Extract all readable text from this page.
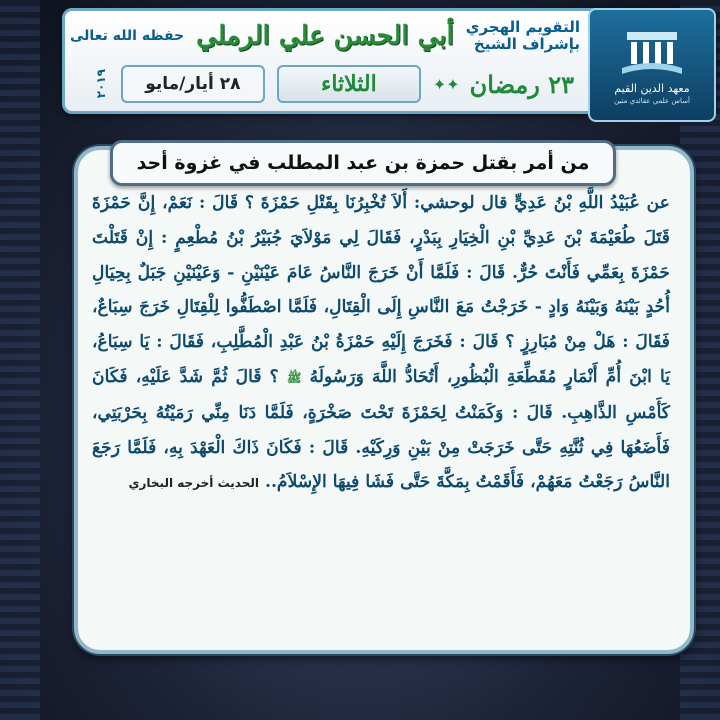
معهد الدين القيم
أساس علمي عقائدي متين
التقويم الهجري
بإشراف الشيخ
أبي الحسن علي الرملي
حفظه الله تعالى
٢٣ رمضان
✦✦
الثلاثاء
٢٨ أيار/مايو
٢٠١٩
من أمر بقتل حمزة بن عبد المطلب في غزوة أحد
عن عُبَيْدُ اللَّهِ بْنُ عَدِيٍّ قال لوحشي: أَلاَ تُخْبِرُنَا بِقَتْلِ حَمْزَةَ ؟ قَالَ : نَعَمْ، إِنَّ حَمْزَةَ قَتَلَ طُعَيْمَةَ بْنَ عَدِيِّ بْنِ الْخِيَارِ بِبَدْرٍ، فَقَالَ لِي مَوْلاَيَ جُبَيْرُ بْنُ مُطْعِمٍ : إِنْ قَتَلْتَ حَمْزَةَ بِعَمِّي فَأَنْتَ حُرٌّ. قَالَ : فَلَمَّا أَنْ خَرَجَ النَّاسُ عَامَ عَيْنَيْنِ - وَعَيْنَيْنِ جَبَلٌ بِحِيَالِ أُحُدٍ بَيْنَهُ وَبَيْنَهُ وَادٍ - خَرَجْتُ مَعَ النَّاسِ إِلَى الْقِتَالِ، فَلَمَّا اصْطَفُّوا لِلْقِتَالِ خَرَجَ سِبَاعٌ، فَقَالَ : هَلْ مِنْ مُبَارِزٍ ؟ قَالَ : فَخَرَجَ إِلَيْهِ حَمْزَةُ بْنُ عَبْدِ الْمُطَّلِبِ، فَقَالَ : يَا سِبَاعُ، يَا ابْنَ أُمِّ أَنْمَارٍ مُقَطِّعَةِ الْبُظُورِ، أَتُحَادُّ اللَّهَ وَرَسُولَهُ ﷺ ؟ قَالَ ثُمَّ شَدَّ عَلَيْهِ، فَكَانَ كَأَمْسِ الذَّاهِبِ. قَالَ : وَكَمَنْتُ لِحَمْزَةَ تَحْتَ صَخْرَةٍ، فَلَمَّا دَنَا مِنِّي رَمَيْتُهُ بِحَرْبَتِي، فَأَضَعُهَا فِي ثُنَّتِهِ حَتَّى خَرَجَتْ مِنْ بَيْنِ وَرِكَيْهِ. قَالَ : فَكَانَ ذَاكَ الْعَهْدَ بِهِ، فَلَمَّا رَجَعَ النَّاسُ رَجَعْتُ مَعَهُمْ، فَأَقَمْتُ بِمَكَّةَ حَتَّى فَشَا فِيهَا الإِسْلاَمُ.. الحديث أخرجه البخاري
